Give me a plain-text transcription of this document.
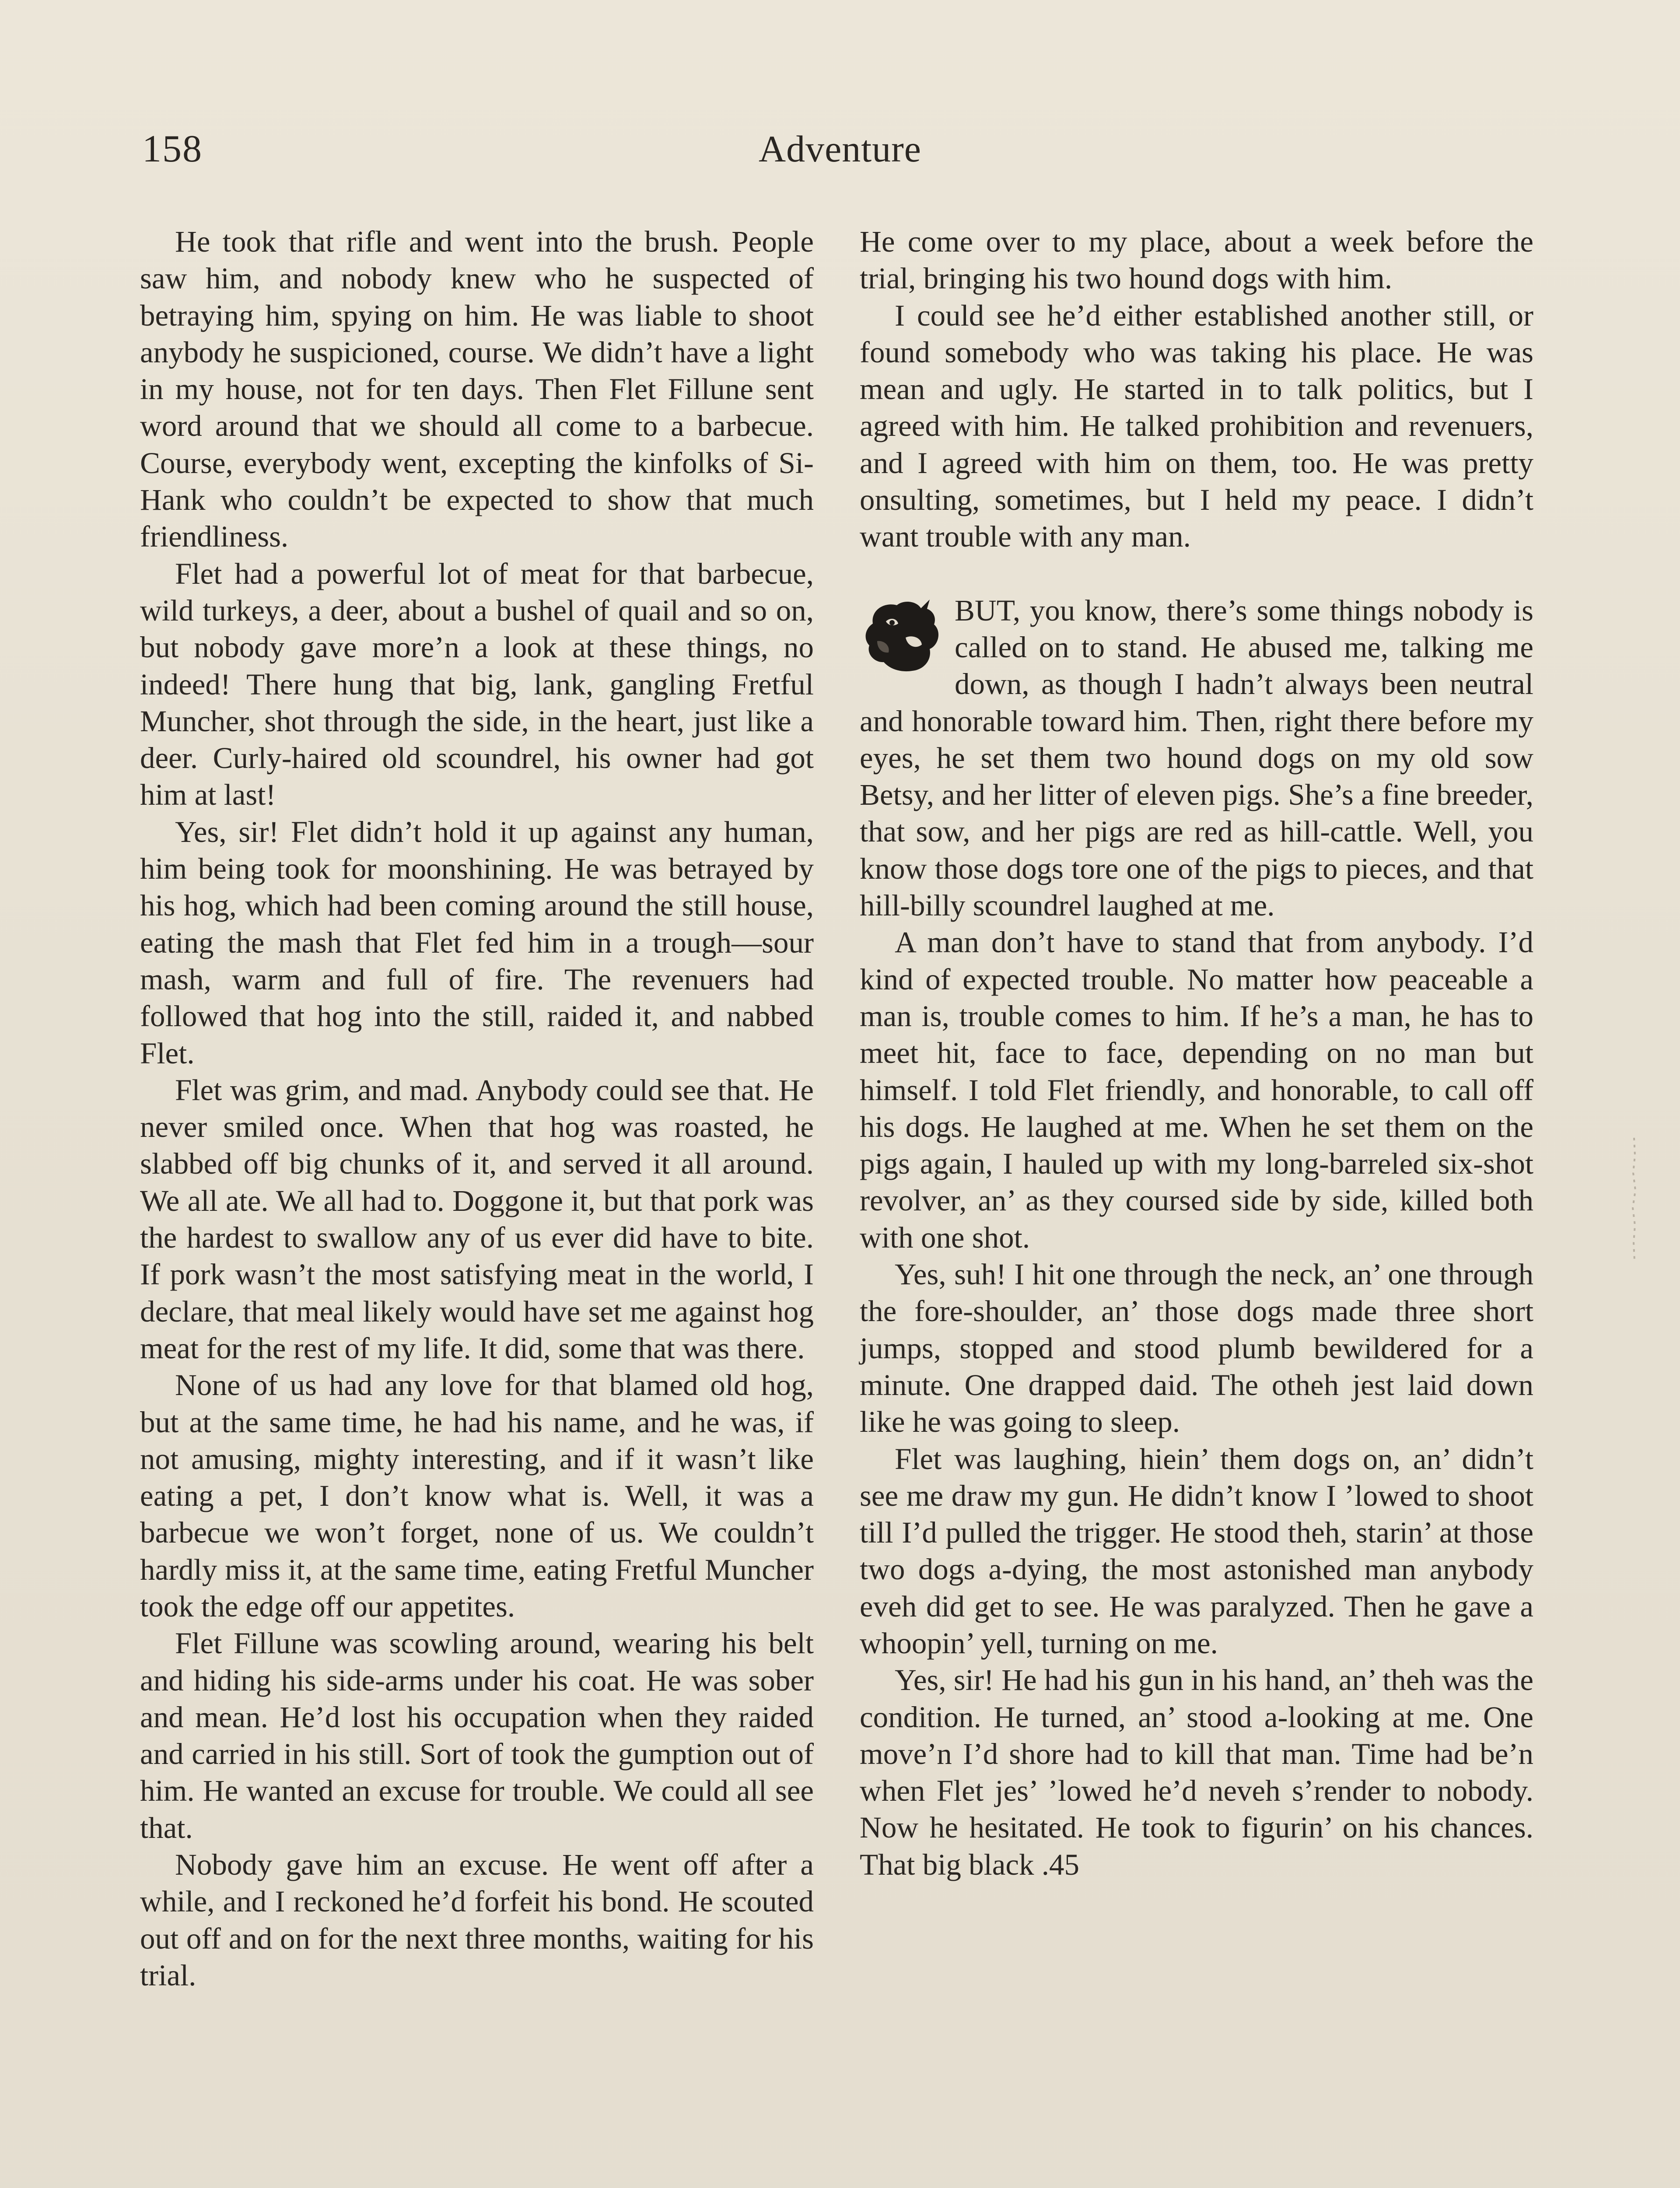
158	Adventure

He took that rifle and went into the brush. People saw him, and nobody knew who he suspected of betraying him, spying on him. He was liable to shoot anybody he suspicioned, course. We didn’t have a light in my house, not for ten days. Then Flet Fillune sent word around that we should all come to a barbecue. Course, everybody went, excepting the kinfolks of Si-Hank who couldn’t be expected to show that much friendliness.

Flet had a powerful lot of meat for that barbecue, wild turkeys, a deer, about a bushel of quail and so on, but nobody gave more’n a look at these things, no indeed! There hung that big, lank, gangling Fretful Muncher, shot through the side, in the heart, just like a deer. Curly-haired old scoundrel, his owner had got him at last!

Yes, sir! Flet didn’t hold it up against any human, him being took for moonshining. He was betrayed by his hog, which had been coming around the still house, eating the mash that Flet fed him in a trough—sour mash, warm and full of fire. The revenuers had followed that hog into the still, raided it, and nabbed Flet.

Flet was grim, and mad. Anybody could see that. He never smiled once. When that hog was roasted, he slabbed off big chunks of it, and served it all around. We all ate. We all had to. Doggone it, but that pork was the hardest to swallow any of us ever did have to bite. If pork wasn’t the most satisfying meat in the world, I declare, that meal likely would have set me against hog meat for the rest of my life. It did, some that was there.

None of us had any love for that blamed old hog, but at the same time, he had his name, and he was, if not amusing, mighty interesting, and if it wasn’t like eating a pet, I don’t know what is. Well, it was a barbecue we won’t forget, none of us. We couldn’t hardly miss it, at the same time, eating Fretful Muncher took the edge off our appetites.

Flet Fillune was scowling around, wearing his belt and hiding his side-arms under his coat. He was sober and mean. He’d lost his occupation when they raided and carried in his still. Sort of took the gumption out of him. He wanted an excuse for trouble. We could all see that.

Nobody gave him an excuse. He went off after a while, and I reckoned he’d forfeit his bond. He scouted out off and on for the next three months, waiting for his trial.

He come over to my place, about a week before the trial, bringing his two hound dogs with him.

I could see he’d either established another still, or found somebody who was taking his place. He was mean and ugly. He started in to talk politics, but I agreed with him. He talked prohibition and revenuers, and I agreed with him on them, too. He was pretty onsulting, sometimes, but I held my peace. I didn’t want trouble with any man.

BUT, you know, there’s some things nobody is called on to stand. He abused me, talking me down, as though I hadn’t always been neutral and honorable toward him. Then, right there before my eyes, he set them two hound dogs on my old sow Betsy, and her litter of eleven pigs. She’s a fine breeder, that sow, and her pigs are red as hill-cattle. Well, you know those dogs tore one of the pigs to pieces, and that hill-billy scoundrel laughed at me.

A man don’t have to stand that from anybody. I’d kind of expected trouble. No matter how peaceable a man is, trouble comes to him. If he’s a man, he has to meet hit, face to face, depending on no man but himself. I told Flet friendly, and honorable, to call off his dogs. He laughed at me. When he set them on the pigs again, I hauled up with my long-barreled six-shot revolver, an’ as they coursed side by side, killed both with one shot.

Yes, suh! I hit one through the neck, an’ one through the fore-shoulder, an’ those dogs made three short jumps, stopped and stood plumb bewildered for a minute. One drapped daid. The otheh jest laid down like he was going to sleep.

Flet was laughing, hiein’ them dogs on, an’ didn’t see me draw my gun. He didn’t know I ’lowed to shoot till I’d pulled the trigger. He stood theh, starin’ at those two dogs a-dying, the most astonished man anybody eveh did get to see. He was paralyzed. Then he gave a whoopin’ yell, turning on me.

Yes, sir! He had his gun in his hand, an’ theh was the condition. He turned, an’ stood a-looking at me. One move’n I’d shore had to kill that man. Time had be’n when Flet jes’ ’lowed he’d neveh s’render to nobody. Now he hesitated. He took to figurin’ on his chances. That big black .45
